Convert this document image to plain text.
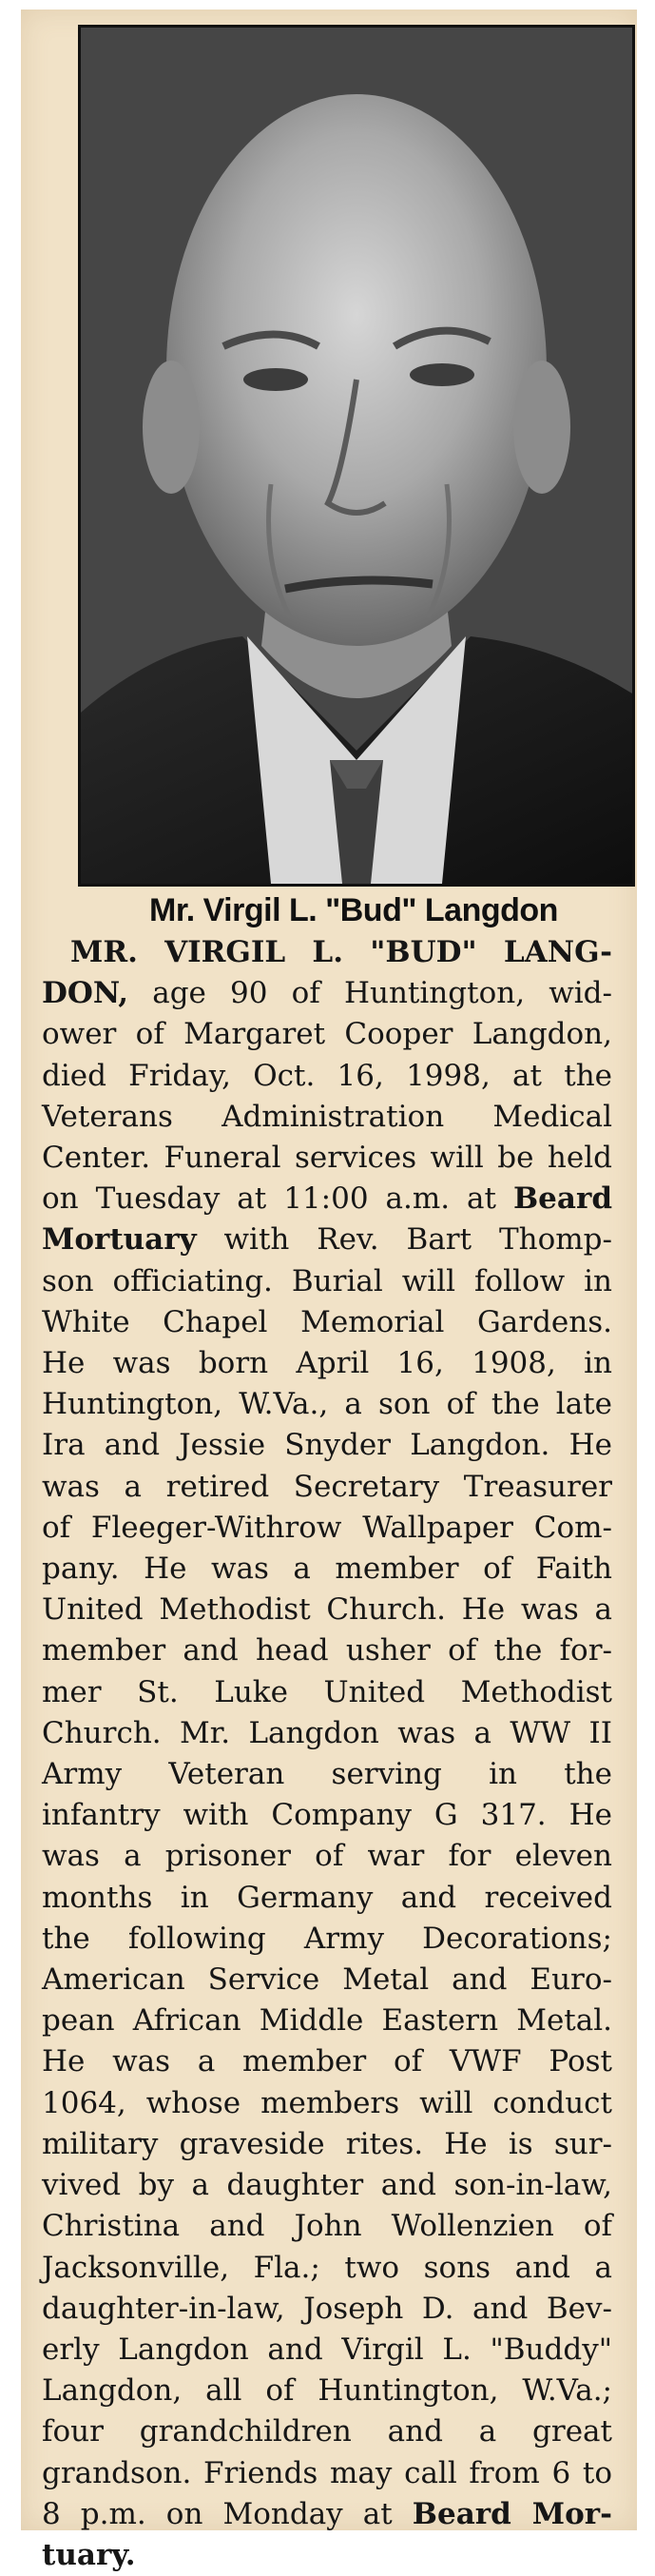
Mr. Virgil L. "Bud" Langdon
MR. VIRGIL L. "BUD" LANG-
DON, age 90 of Huntington, wid-
ower of Margaret Cooper Langdon,
died Friday, Oct. 16, 1998, at the
Veterans Administration Medical
Center. Funeral services will be held
on Tuesday at 11:00 a.m. at Beard
Mortuary with Rev. Bart Thomp-
son officiating. Burial will follow in
White Chapel Memorial Gardens.
He was born April 16, 1908, in
Huntington, W.Va., a son of the late
Ira and Jessie Snyder Langdon. He
was a retired Secretary Treasurer
of Fleeger-Withrow Wallpaper Com-
pany. He was a member of Faith
United Methodist Church. He was a
member and head usher of the for-
mer St. Luke United Methodist
Church. Mr. Langdon was a WW II
Army Veteran serving in the
infantry with Company G 317. He
was a prisoner of war for eleven
months in Germany and received
the following Army Decorations;
American Service Metal and Euro-
pean African Middle Eastern Metal.
He was a member of VWF Post
1064, whose members will conduct
military graveside rites. He is sur-
vived by a daughter and son-in-law,
Christina and John Wollenzien of
Jacksonville, Fla.; two sons and a
daughter-in-law, Joseph D. and Bev-
erly Langdon and Virgil L. "Buddy"
Langdon, all of Huntington, W.Va.;
four grandchildren and a great
grandson. Friends may call from 6 to
8 p.m. on Monday at Beard Mor-
tuary.
